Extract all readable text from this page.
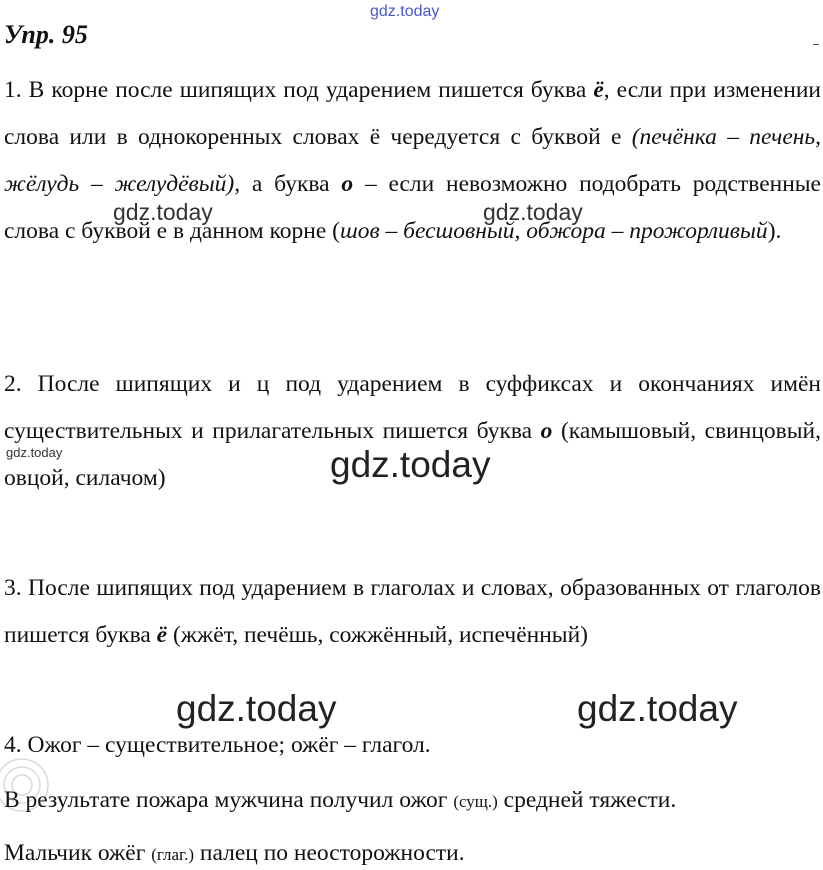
gdz.today
Упр. 95

1. В корне после шипящих под ударением пишется буква ё, если при изменении слова или в однокоренных словах ё чередуется с буквой е (печёнка – печень, жёлудь – желудёвый), а буква о – если невозможно подобрать родственные слова с буквой е в данном корне (шов – бесшовный, обжора – прожорливый).

2. После шипящих и ц под ударением в суффиксах и окончаниях имён существительных и прилагательных пишется буква о (камышовый, свинцовый, овцой, силачом)

3. После шипящих под ударением в глаголах и словах, образованных от глаголов пишется буква ё (жжёт, печёшь, сожжённый, испечённый)

4. Ожог – существительное; ожёг – глагол.

В результате пожара мужчина получил ожог (сущ.) средней тяжести.

Мальчик ожёг (глаг.) палец по неосторожности.

gdz.today	gdz.today
gdz.today	gdz.today
gdz.today	gdz.today
